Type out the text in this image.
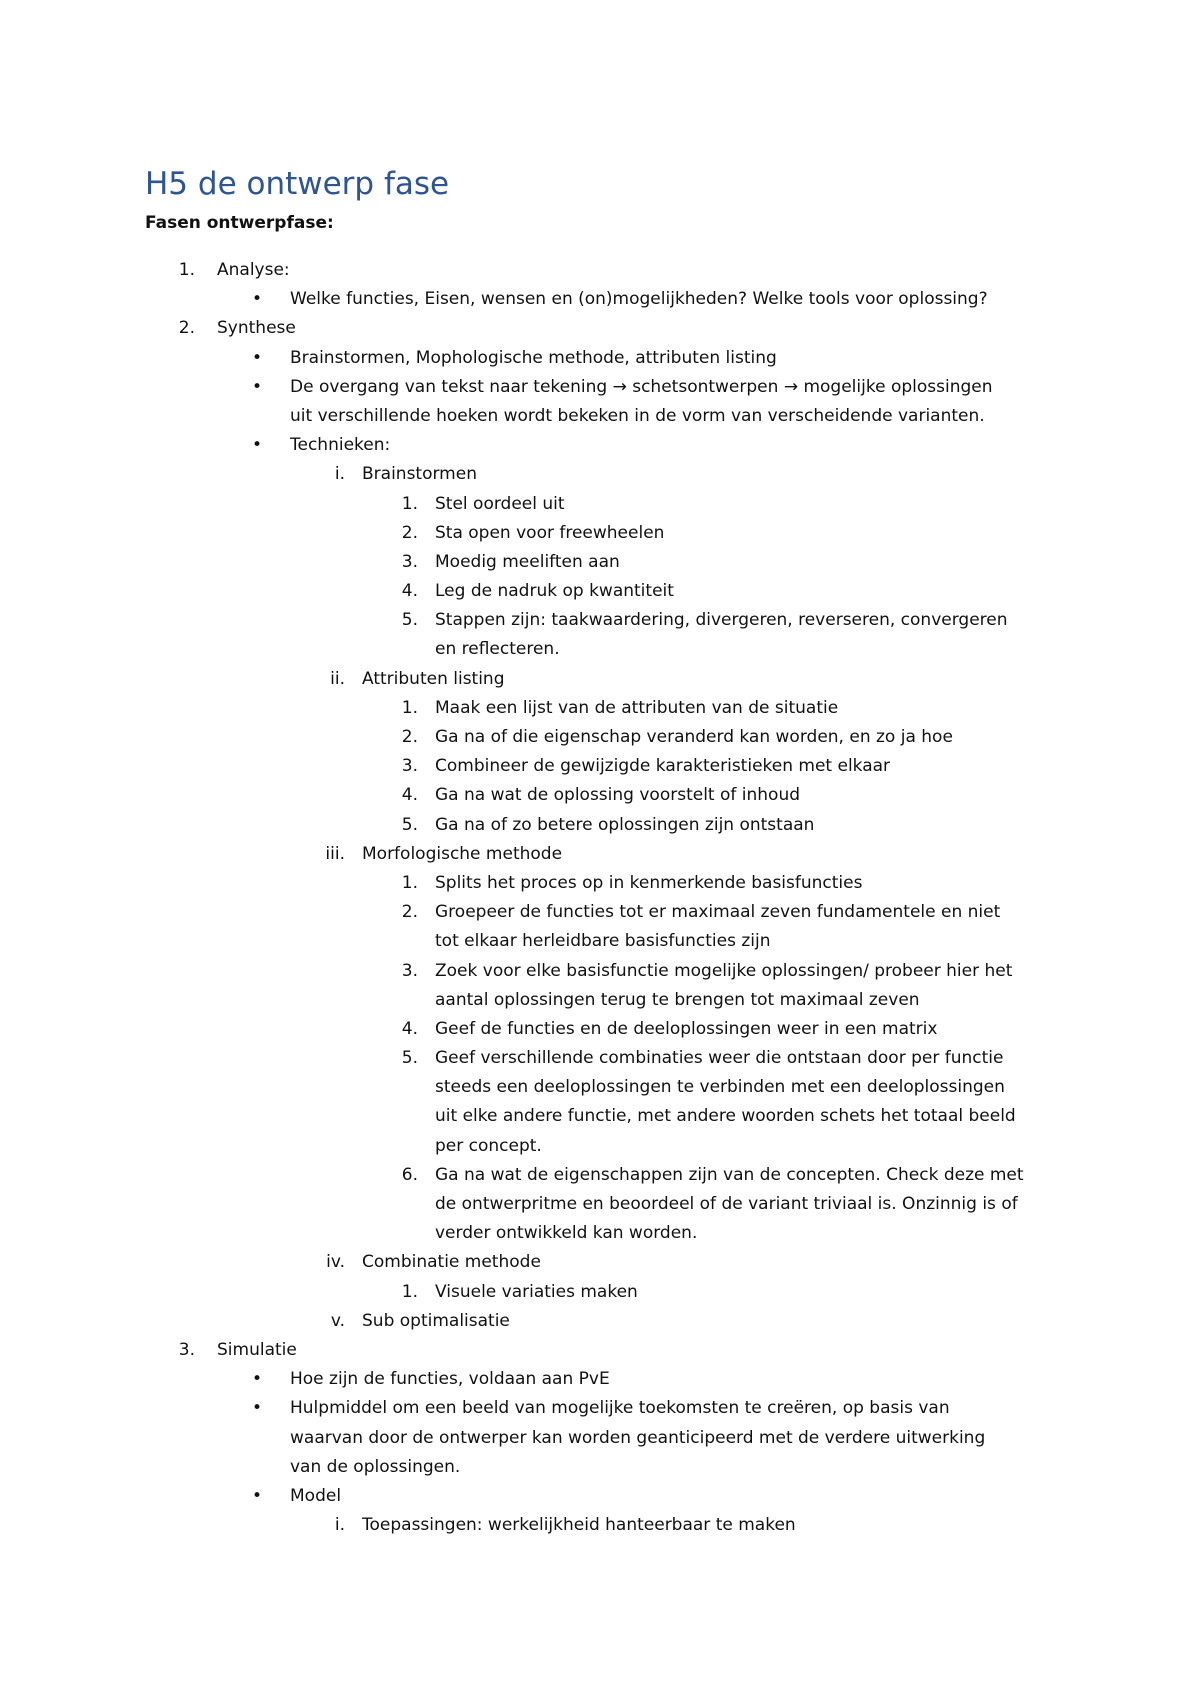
H5 de ontwerp fase

Fasen ontwerpfase:

1. Analyse:
• Welke functies, Eisen, wensen en (on)mogelijkheden? Welke tools voor oplossing?
2. Synthese
• Brainstormen, Mophologische methode, attributen listing
• De overgang van tekst naar tekening → schetsontwerpen → mogelijke oplossingen
uit verschillende hoeken wordt bekeken in de vorm van verscheidende varianten.
• Technieken:
i. Brainstormen
1. Stel oordeel uit
2. Sta open voor freewheelen
3. Moedig meeliften aan
4. Leg de nadruk op kwantiteit
5. Stappen zijn: taakwaardering, divergeren, reverseren, convergeren
en reflecteren.
ii. Attributen listing
1. Maak een lijst van de attributen van de situatie
2. Ga na of die eigenschap veranderd kan worden, en zo ja hoe
3. Combineer de gewijzigde karakteristieken met elkaar
4. Ga na wat de oplossing voorstelt of inhoud
5. Ga na of zo betere oplossingen zijn ontstaan
iii. Morfologische methode
1. Splits het proces op in kenmerkende basisfuncties
2. Groepeer de functies tot er maximaal zeven fundamentele en niet
tot elkaar herleidbare basisfuncties zijn
3. Zoek voor elke basisfunctie mogelijke oplossingen/ probeer hier het
aantal oplossingen terug te brengen tot maximaal zeven
4. Geef de functies en de deeloplossingen weer in een matrix
5. Geef verschillende combinaties weer die ontstaan door per functie
steeds een deeloplossingen te verbinden met een deeloplossingen
uit elke andere functie, met andere woorden schets het totaal beeld
per concept.
6. Ga na wat de eigenschappen zijn van de concepten. Check deze met
de ontwerpritme en beoordeel of de variant triviaal is. Onzinnig is of
verder ontwikkeld kan worden.
iv. Combinatie methode
1. Visuele variaties maken
v. Sub optimalisatie
3. Simulatie
• Hoe zijn de functies, voldaan aan PvE
• Hulpmiddel om een beeld van mogelijke toekomsten te creëren, op basis van
waarvan door de ontwerper kan worden geanticipeerd met de verdere uitwerking
van de oplossingen.
• Model
i. Toepassingen: werkelijkheid hanteerbaar te maken
